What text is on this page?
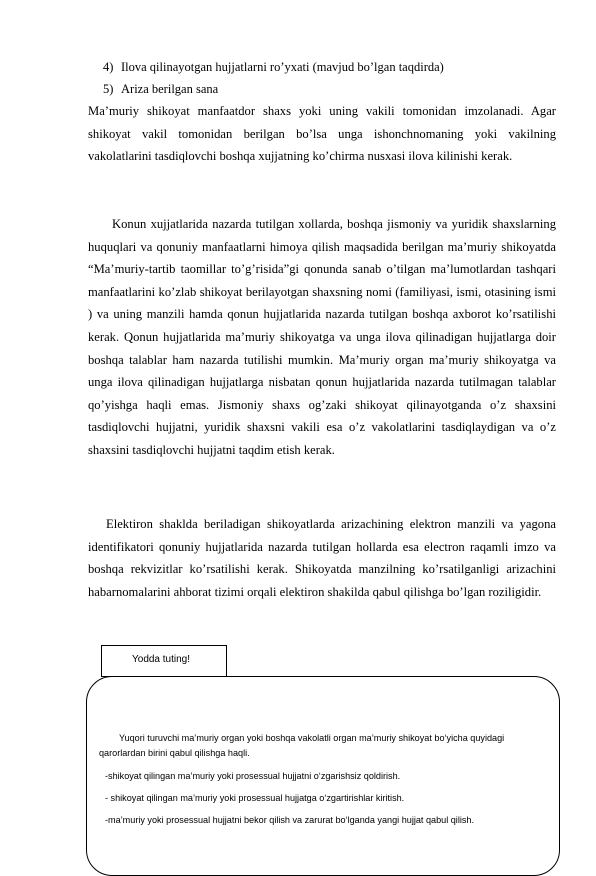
4) Ilova qilinayotgan hujjatlarni ro’yxati (mavjud bo’lgan taqdirda)
5) Ariza berilgan sana

Ma’muriy shikoyat manfaatdor shaxs yoki uning vakili tomonidan imzolanadi. Agar shikoyat vakil tomonidan berilgan bo’lsa unga ishonchnomaning yoki vakilning vakolatlarini tasdiqlovchi boshqa xujjatning ko’chirma nusxasi ilova kilinishi kerak.

Konun xujjatlarida nazarda tutilgan xollarda, boshqa jismoniy va yuridik shaxslarning huquqlari va qonuniy manfaatlarni himoya qilish maqsadida berilgan ma’muriy shikoyatda “Ma’muriy-tartib taomillar to’g’risida”gi qonunda sanab o’tilgan ma’lumotlardan tashqari manfaatlarini ko’zlab shikoyat berilayotgan shaxsning nomi (familiyasi, ismi, otasining ismi ) va uning manzili hamda qonun hujjatlarida nazarda tutilgan boshqa axborot ko’rsatilishi kerak. Qonun hujjatlarida ma’muriy shikoyatga va unga ilova qilinadigan hujjatlarga doir boshqa talablar ham nazarda tutilishi mumkin. Ma’muriy organ ma’muriy shikoyatga va unga ilova qilinadigan hujjatlarga nisbatan qonun hujjatlarida nazarda tutilmagan talablar qo’yishga haqli emas. Jismoniy shaxs og’zaki shikoyat qilinayotganda o’z shaxsini tasdiqlovchi hujjatni, yuridik shaxsni vakili esa o’z vakolatlarini tasdiqlaydigan va o’z shaxsini tasdiqlovchi hujjatni taqdim etish kerak.

Elektiron shaklda beriladigan shikoyatlarda arizachining elektron manzili va yagona identifikatori qonuniy hujjatlarida nazarda tutilgan hollarda esa electron raqamli imzo va boshqa rekvizitlar ko’rsatilishi kerak. Shikoyatda manzilning ko’rsatilganligi arizachini habarnomalarini ahborat tizimi orqali elektiron shakilda qabul qilishga bo’lgan roziligidir.

Yodda tuting!

Yuqori turuvchi ma’muriy organ yoki boshqa vakolatli organ ma’muriy shikoyat bo‘yicha quyidagi qarorlardan birini qabul qilishga haqli.

-shikoyat qilingan ma’muriy yoki prosessual hujjatni o‘zgarishsiz qoldirish.

- shikoyat qilingan ma’muriy yoki prosessual hujjatga o‘zgartirishlar kiritish.

-ma’muriy yoki prosessual hujjatni bekor qilish va zarurat bo‘lganda yangi hujjat qabul qilish.
